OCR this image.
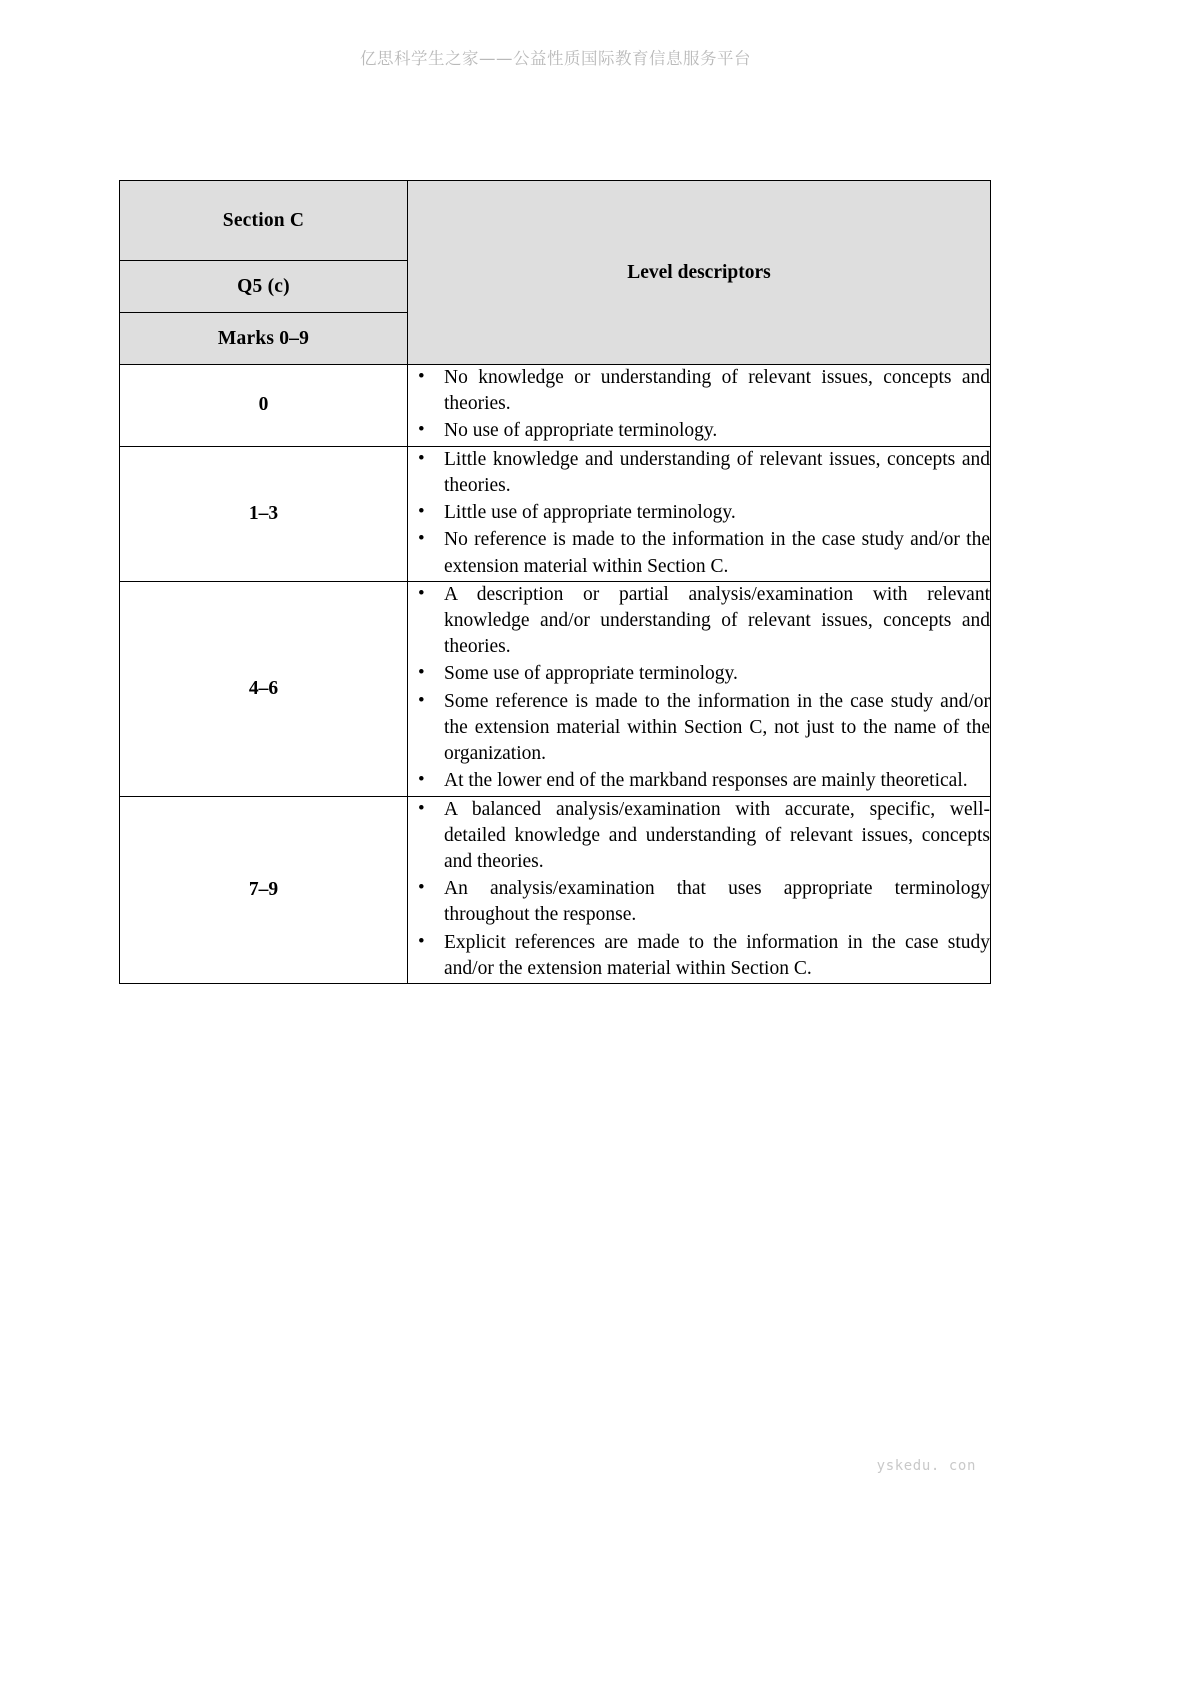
亿思科学生之家——公益性质国际教育信息服务平台
Section C	Level descriptors
Q5 (c)	
Marks 0–9	
0	
• No knowledge or understanding of relevant issues, concepts and theories.
• No use of appropriate terminology.

1–3	
• Little knowledge and understanding of relevant issues, concepts and theories.
• Little use of appropriate terminology.
• No reference is made to the information in the case study and/or the extension material within Section C.

4–6	
• A description or partial analysis/examination with relevant knowledge and/or understanding of relevant issues, concepts and theories.
• Some use of appropriate terminology.
• Some reference is made to the information in the case study and/or the extension material within Section C, not just to the name of the organization.
• At the lower end of the markband responses are mainly theoretical.

7–9	
• A balanced analysis/examination with accurate, specific, well-detailed knowledge and understanding of relevant issues, concepts and theories.
• An analysis/examination that uses appropriate terminology throughout the response.
• Explicit references are made to the information in the case study and/or the extension material within Section C.
yskedu. con
